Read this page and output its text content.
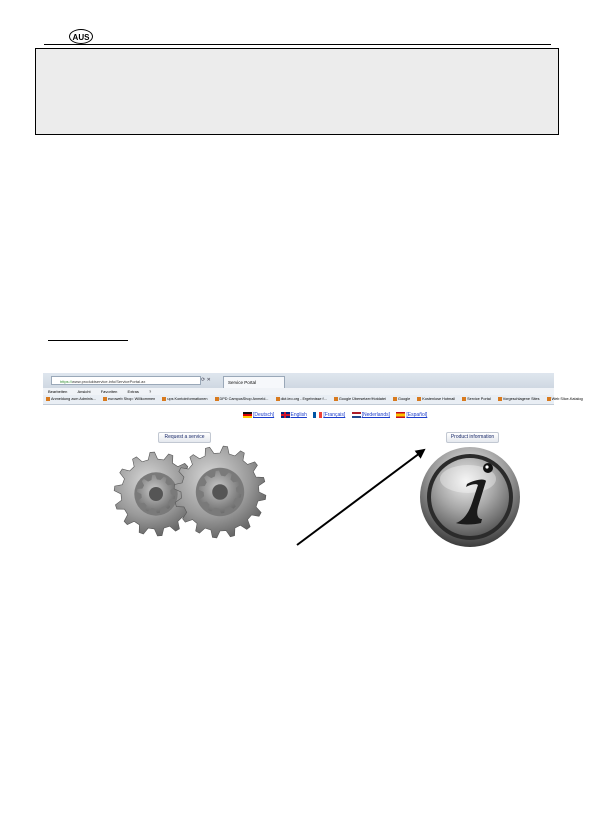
AUS
https://www.produktservice.info/ServicePortal.ax	⟳ ✕	Service Portal
Bearbeiten	Ansicht	Favoriten	Extras	?
Anmeldung zum Adminis...	euroweb Shop: Willkommen	ups Kontoinformationen	DPD CampusShop Anmeld...	dict.leo.org - Ergebnisse f...	Google Übersetzer/Hotdatei	Google	Kostenlose Hotmail	Service Portal	Vorgeschlagene Sites	Web Slice-Katalog
[Deutsch]	English	[Français]	[Nederlands]	[Español]
Request a service	Product information
